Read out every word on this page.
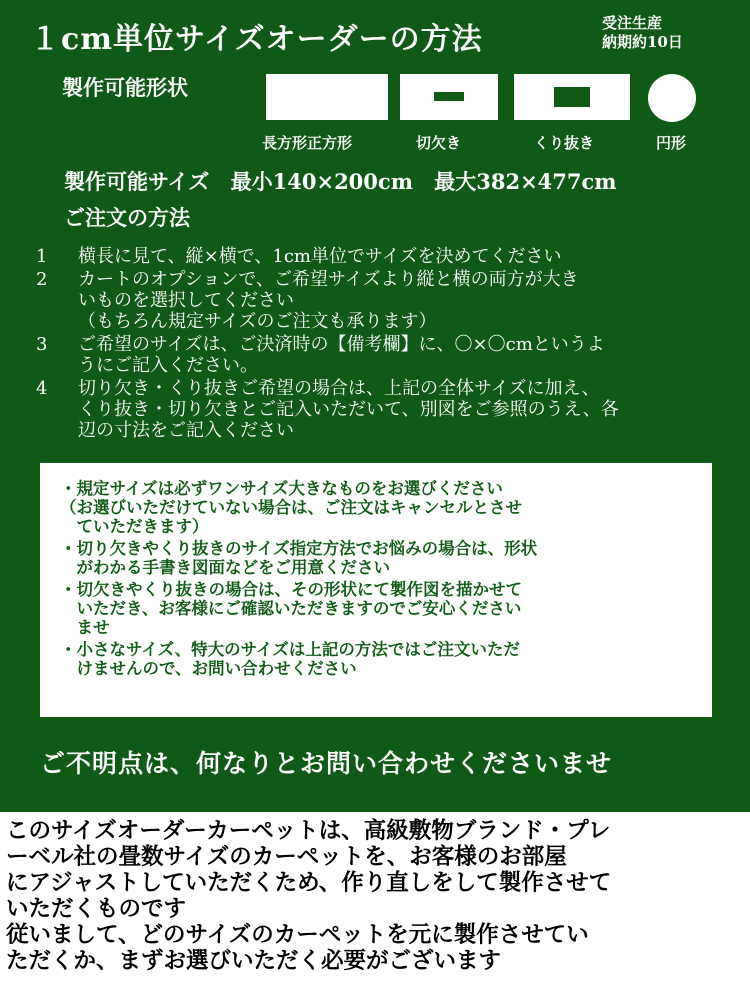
１cm単位サイズオーダーの方法	受注生産
納期約10日
製作可能形状
長方形正方形	切欠き	くり抜き	円形
製作可能サイズ 最小140×200cm 最大382×477cm
ご注文の方法
1	横長に見て、縦×横で、1cm単位でサイズを決めてください
2	カートのオプションで、ご希望サイズより縦と横の両方が大き
いものを選択してください
（もちろん規定サイズのご注文も承ります）
3	ご希望のサイズは、ご決済時の【備考欄】に、〇×〇cmというよ
うにご記入ください。
4	切り欠き・くり抜きご希望の場合は、上記の全体サイズに加え、
くり抜き・切り欠きとご記入いただいて、別図をご参照のうえ、各
辺の寸法をご記入ください
・規定サイズは必ずワンサイズ大きなものをお選びください
（お選びいただけていない場合は、ご注文はキャンセルとさせ
　ていただきます）
・切り欠きやくり抜きのサイズ指定方法でお悩みの場合は、形状
　がわかる手書き図面などをご用意ください
・切欠きやくり抜きの場合は、その形状にて製作図を描かせて
　いただき、お客様にご確認いただきますのでご安心ください
　ませ
・小さなサイズ、特大のサイズは上記の方法ではご注文いただ
　けませんので、お問い合わせください
ご不明点は、何なりとお問い合わせくださいませ
このサイズオーダーカーペットは、高級敷物ブランド・プレ
ーベル社の畳数サイズのカーペットを、お客様のお部屋
にアジャストしていただくため、作り直しをして製作させて
いただくものです
従いまして、どのサイズのカーペットを元に製作させてい
ただくか、まずお選びいただく必要がございます
